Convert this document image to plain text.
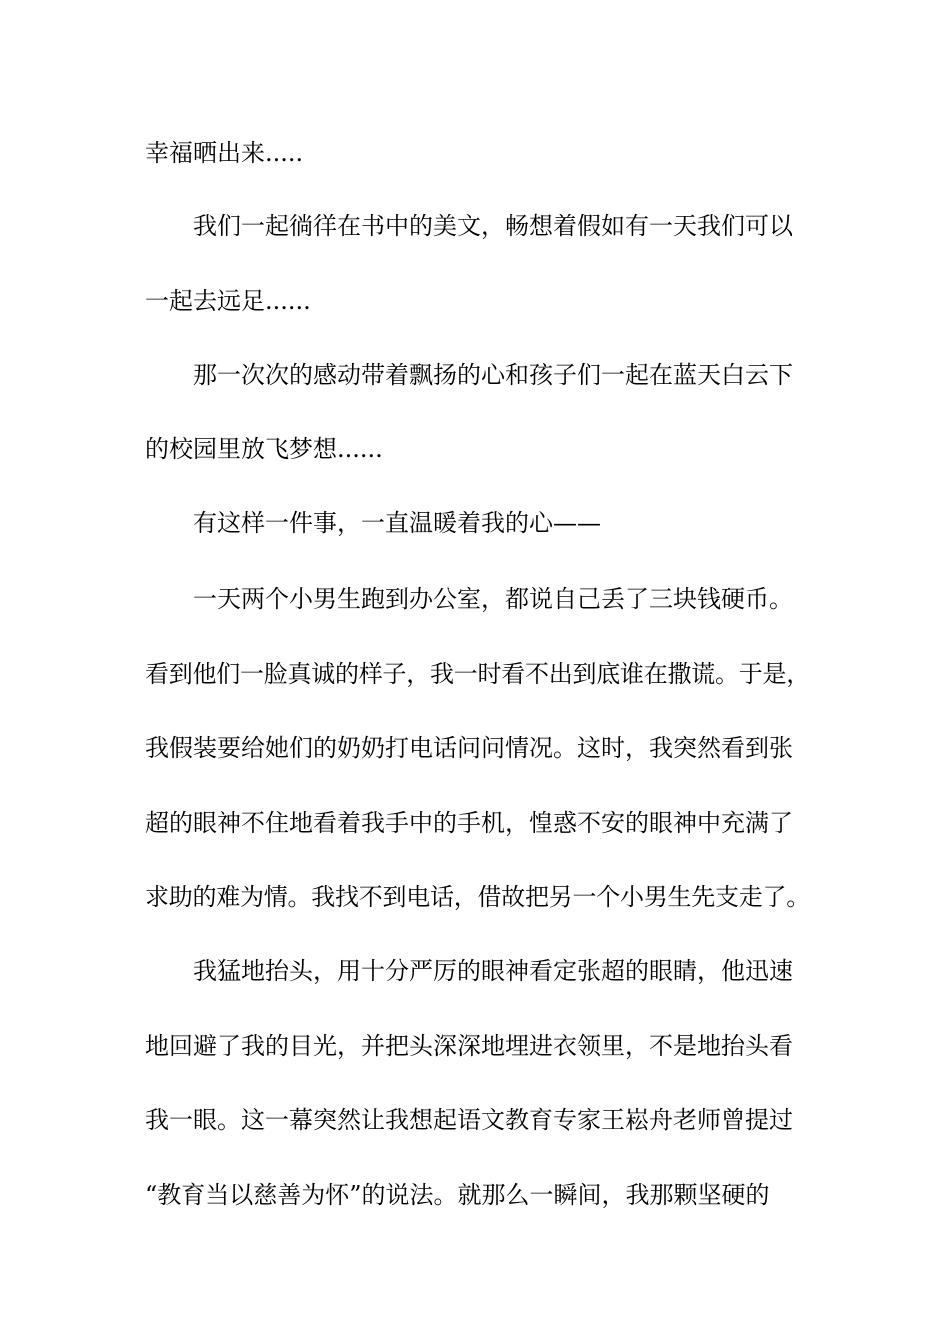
幸福晒出来.....
我们一起徜徉在书中的美文，畅想着假如有一天我们可以
一起去远足......
那一次次的感动带着飘扬的心和孩子们一起在蓝天白云下
的校园里放飞梦想......
有这样一件事，一直温暖着我的心——
一天两个小男生跑到办公室，都说自己丢了三块钱硬币。
看到他们一脸真诚的样子，我一时看不出到底谁在撒谎。于是，
我假装要给她们的奶奶打电话问问情况。这时，我突然看到张
超的眼神不住地看着我手中的手机，惶惑不安的眼神中充满了
求助的难为情。我找不到电话，借故把另一个小男生先支走了。
我猛地抬头，用十分严厉的眼神看定张超的眼睛，他迅速
地回避了我的目光，并把头深深地埋进衣领里，不是地抬头看
我一眼。这一幕突然让我想起语文教育专家王崧舟老师曾提过
“教育当以慈善为怀”的说法。就那么一瞬间，我那颗坚硬的
